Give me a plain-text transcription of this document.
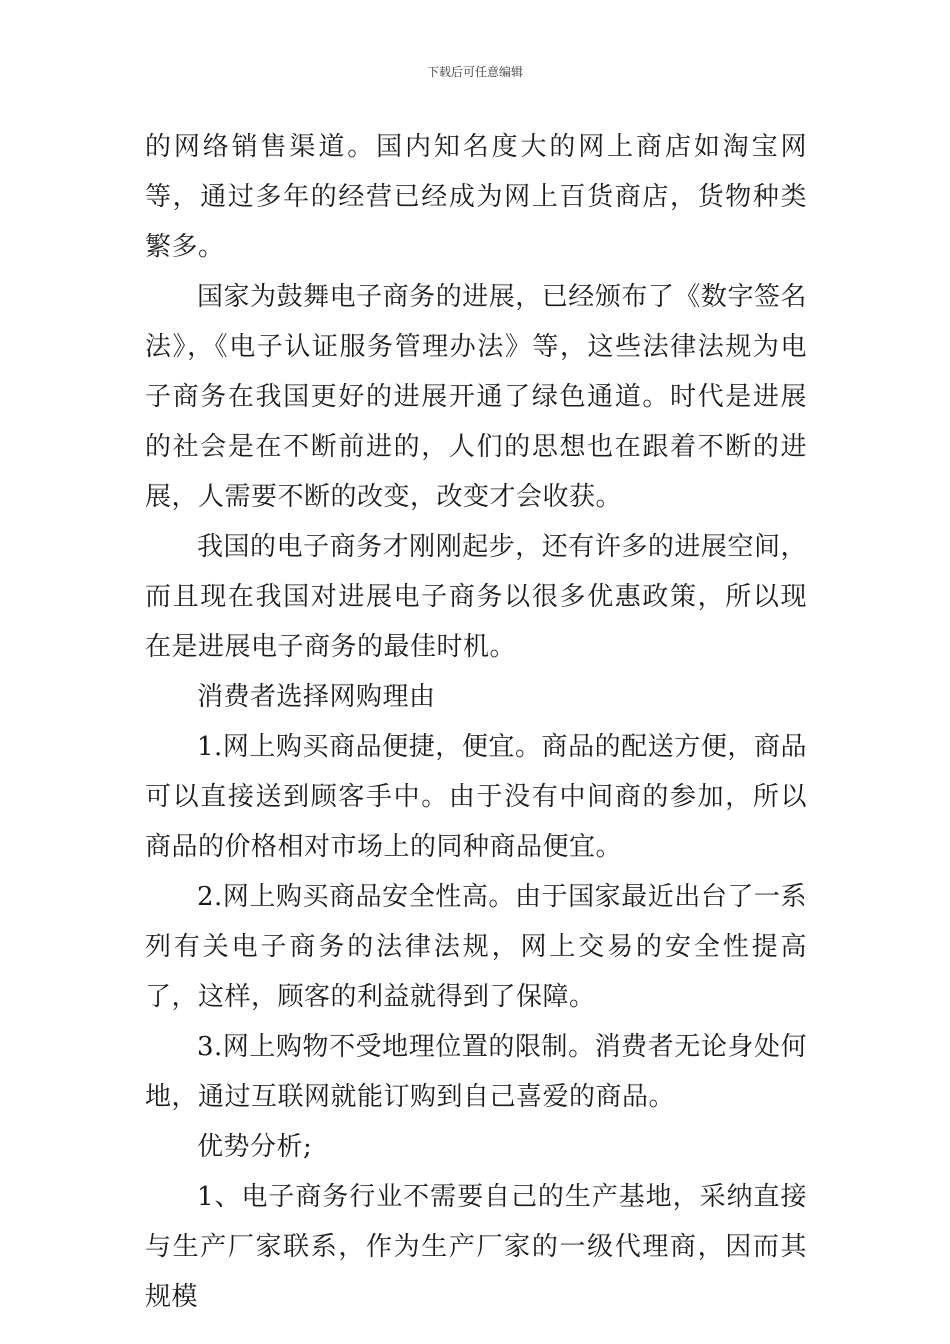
下载后可任意编辑

的网络销售渠道。国内知名度大的网上商店如淘宝网等，通过多年的经营已经成为网上百货商店，货物种类繁多。

国家为鼓舞电子商务的进展，已经颁布了《数字签名法》，《电子认证服务管理办法》等，这些法律法规为电子商务在我国更好的进展开通了绿色通道。时代是进展的社会是在不断前进的，人们的思想也在跟着不断的进展，人需要不断的改变，改变才会收获。

我国的电子商务才刚刚起步，还有许多的进展空间，而且现在我国对进展电子商务以很多优惠政策，所以现在是进展电子商务的最佳时机。

消费者选择网购理由

1.网上购买商品便捷，便宜。商品的配送方便，商品可以直接送到顾客手中。由于没有中间商的参加，所以商品的价格相对市场上的同种商品便宜。

2.网上购买商品安全性高。由于国家最近出台了一系列有关电子商务的法律法规，网上交易的安全性提高了，这样，顾客的利益就得到了保障。

3.网上购物不受地理位置的限制。消费者无论身处何地，通过互联网就能订购到自己喜爱的商品。

优势分析;

1、电子商务行业不需要自己的生产基地，采纳直接与生产厂家联系，作为生产厂家的一级代理商，因而其规模
